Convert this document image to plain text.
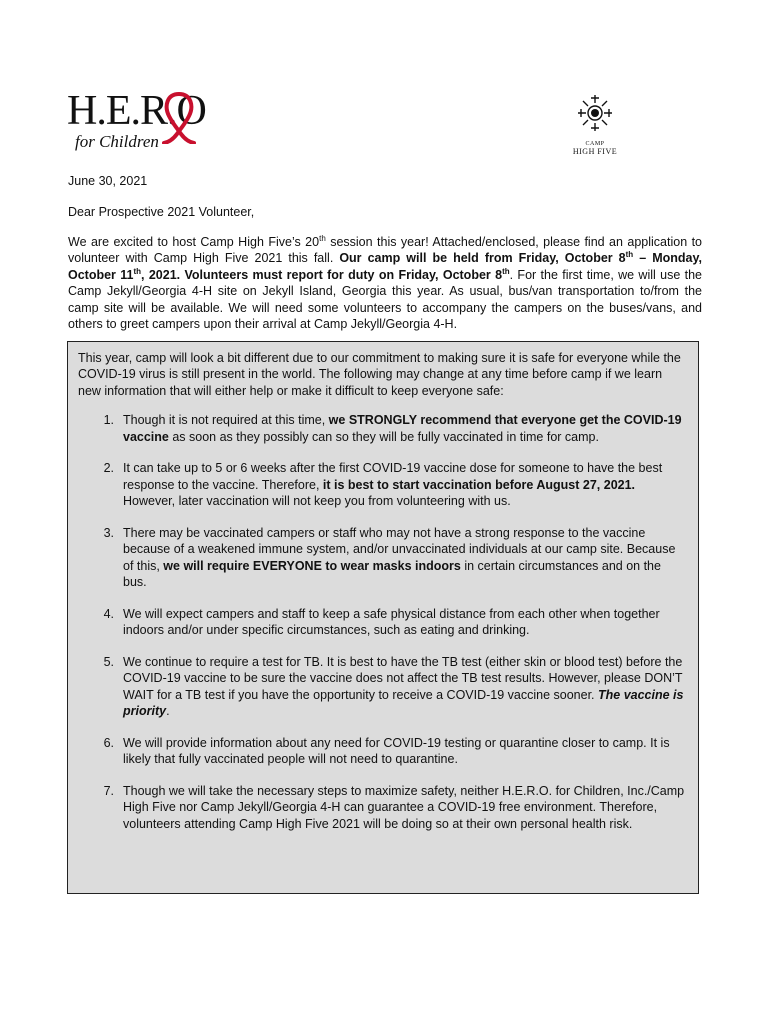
H.E.R.O
for Children	CAMP
HIGH FIVE
June 30, 2021
Dear Prospective 2021 Volunteer,
We are excited to host Camp High Five’s 20th session this year! Attached/enclosed, please find an application to volunteer with Camp High Five 2021 this fall. Our camp will be held from Friday, October 8th – Monday, October 11th, 2021. Volunteers must report for duty on Friday, October 8th. For the first time, we will use the Camp Jekyll/Georgia 4-H site on Jekyll Island, Georgia this year. As usual, bus/van transportation to/from the camp site will be available. We will need some volunteers to accompany the campers on the buses/vans, and others to greet campers upon their arrival at Camp Jekyll/Georgia 4-H.

This year, camp will look a bit different due to our commitment to making sure it is safe for everyone while the COVID-19 virus is still present in the world. The following may change at any time before camp if we learn new information that will either help or make it difficult to keep everyone safe:

1. Though it is not required at this time, we STRONGLY recommend that everyone get the COVID-19 vaccine as soon as they possibly can so they will be fully vaccinated in time for camp.
2. It can take up to 5 or 6 weeks after the first COVID-19 vaccine dose for someone to have the best response to the vaccine. Therefore, it is best to start vaccination before August 27, 2021. However, later vaccination will not keep you from volunteering with us.
3. There may be vaccinated campers or staff who may not have a strong response to the vaccine because of a weakened immune system, and/or unvaccinated individuals at our camp site. Because of this, we will require EVERYONE to wear masks indoors in certain circumstances and on the bus.
4. We will expect campers and staff to keep a safe physical distance from each other when together indoors and/or under specific circumstances, such as eating and drinking.
5. We continue to require a test for TB. It is best to have the TB test (either skin or blood test) before the COVID-19 vaccine to be sure the vaccine does not affect the TB test results. However, please DON’T WAIT for a TB test if you have the opportunity to receive a COVID-19 vaccine sooner. The vaccine is priority.
6. We will provide information about any need for COVID-19 testing or quarantine closer to camp. It is likely that fully vaccinated people will not need to quarantine.
7. Though we will take the necessary steps to maximize safety, neither H.E.R.O. for Children, Inc./Camp High Five nor Camp Jekyll/Georgia 4-H can guarantee a COVID-19 free environment. Therefore, volunteers attending Camp High Five 2021 will be doing so at their own personal health risk.
